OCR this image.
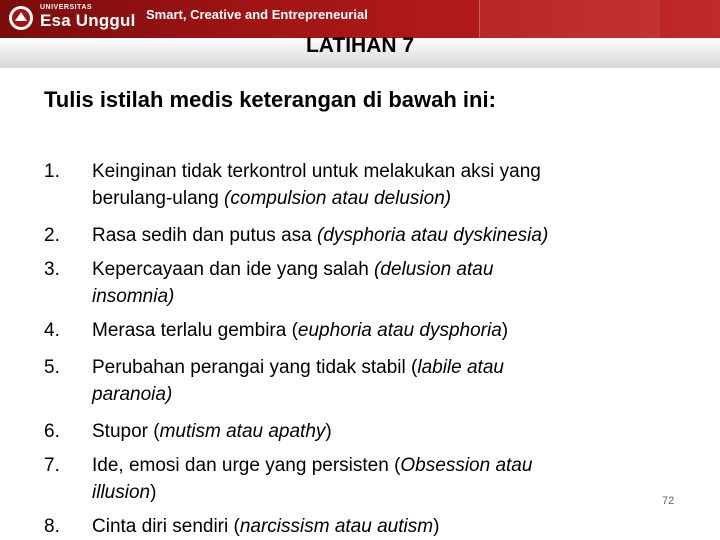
UNIVERSITAS
Esa Unggul Smart, Creative and Entrepreneurial
LATIHAN 7
Tulis istilah medis keterangan di bawah ini:
1.	Keinginan tidak terkontrol untuk melakukan aksi yang
berulang-ulang (compulsion atau delusion)
2.	Rasa sedih dan putus asa (dysphoria atau dyskinesia)
3.	Kepercayaan dan ide yang salah (delusion atau
insomnia)
4.	Merasa terlalu gembira (euphoria atau dysphoria)
5.	Perubahan perangai yang tidak stabil (labile atau
paranoia)
6.	Stupor (mutism atau apathy)
7.	Ide, emosi dan urge yang persisten (Obsession atau
illusion)
8.	Cinta diri sendiri (narcissism atau autism)
72
